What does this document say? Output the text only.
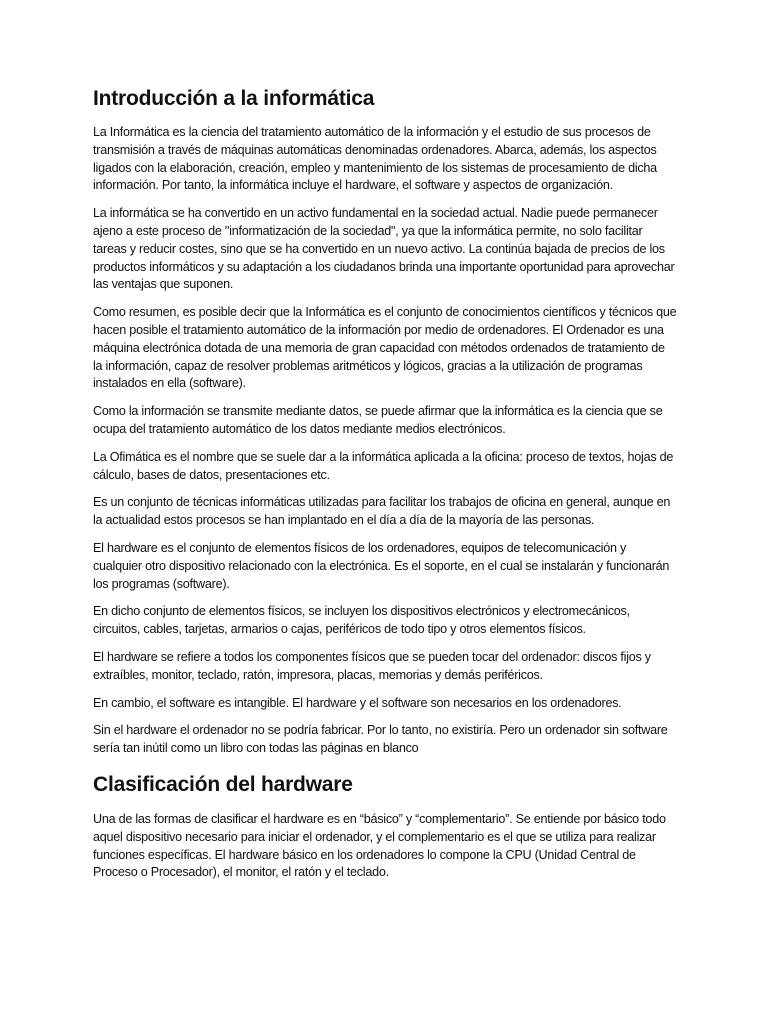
Introducción a la informática

La Informática es la ciencia del tratamiento automático de la información y el estudio de sus procesos de transmisión a través de máquinas automáticas denominadas ordenadores. Abarca, además, los aspectos ligados con la elaboración, creación, empleo y mantenimiento de los sistemas de procesamiento de dicha información. Por tanto, la informática incluye el hardware, el software y aspectos de organización.

La informática se ha convertido en un activo fundamental en la sociedad actual. Nadie puede permanecer ajeno a este proceso de "informatización de la sociedad", ya que la informática permite, no solo facilitar tareas y reducir costes, sino que se ha convertido en un nuevo activo. La continúa bajada de precios de los productos informáticos y su adaptación a los ciudadanos brinda una importante oportunidad para aprovechar las ventajas que suponen.

Como resumen, es posible decir que la Informática es el conjunto de conocimientos científicos y técnicos que hacen posible el tratamiento automático de la información por medio de ordenadores. El Ordenador es una máquina electrónica dotada de una memoria de gran capacidad con métodos ordenados de tratamiento de la información, capaz de resolver problemas aritméticos y lógicos, gracias a la utilización de programas instalados en ella (software).

Como la información se transmite mediante datos, se puede afirmar que la informática es la ciencia que se ocupa del tratamiento automático de los datos mediante medios electrónicos.

La Ofimática es el nombre que se suele dar a la informática aplicada a la oficina: proceso de textos, hojas de cálculo, bases de datos, presentaciones etc.

Es un conjunto de técnicas informáticas utilizadas para facilitar los trabajos de oficina en general, aunque en la actualidad estos procesos se han implantado en el día a día de la mayoría de las personas.

El hardware es el conjunto de elementos físicos de los ordenadores, equipos de telecomunicación y cualquier otro dispositivo relacionado con la electrónica. Es el soporte, en el cual se instalarán y funcionarán los programas (software).

En dicho conjunto de elementos físicos, se incluyen los dispositivos electrónicos y electromecánicos, circuitos, cables, tarjetas, armarios o cajas, periféricos de todo tipo y otros elementos físicos.

El hardware se refiere a todos los componentes físicos que se pueden tocar del ordenador: discos fijos y extraíbles, monitor, teclado, ratón, impresora, placas, memorias y demás periféricos.

En cambio, el software es intangible. El hardware y el software son necesarios en los ordenadores.

Sin el hardware el ordenador no se podría fabricar. Por lo tanto, no existiría. Pero un ordenador sin software sería tan inútil como un libro con todas las páginas en blanco

Clasificación del hardware

Una de las formas de clasificar el hardware es en “básico” y “complementario”. Se entiende por básico todo aquel dispositivo necesario para iniciar el ordenador, y el complementario es el que se utiliza para realizar funciones específicas. El hardware básico en los ordenadores lo compone la CPU (Unidad Central de Proceso o Procesador), el monitor, el ratón y el teclado.
